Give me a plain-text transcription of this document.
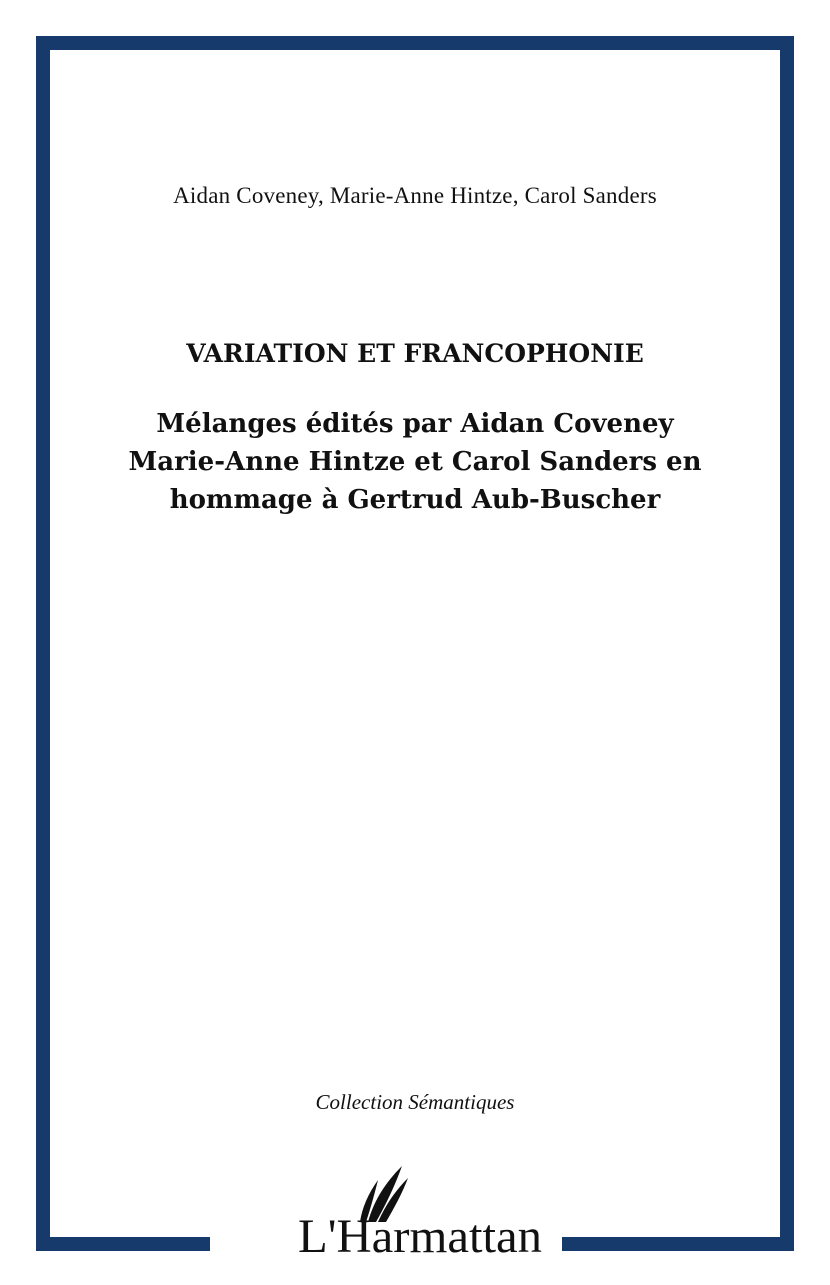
Aidan Coveney, Marie-Anne Hintze, Carol Sanders
VARIATION ET FRANCOPHONIE
Mélanges édités par Aidan Coveney
Marie-Anne Hintze et Carol Sanders en
hommage à Gertrud Aub-Buscher
Collection Sémantiques
L'Harmattan
